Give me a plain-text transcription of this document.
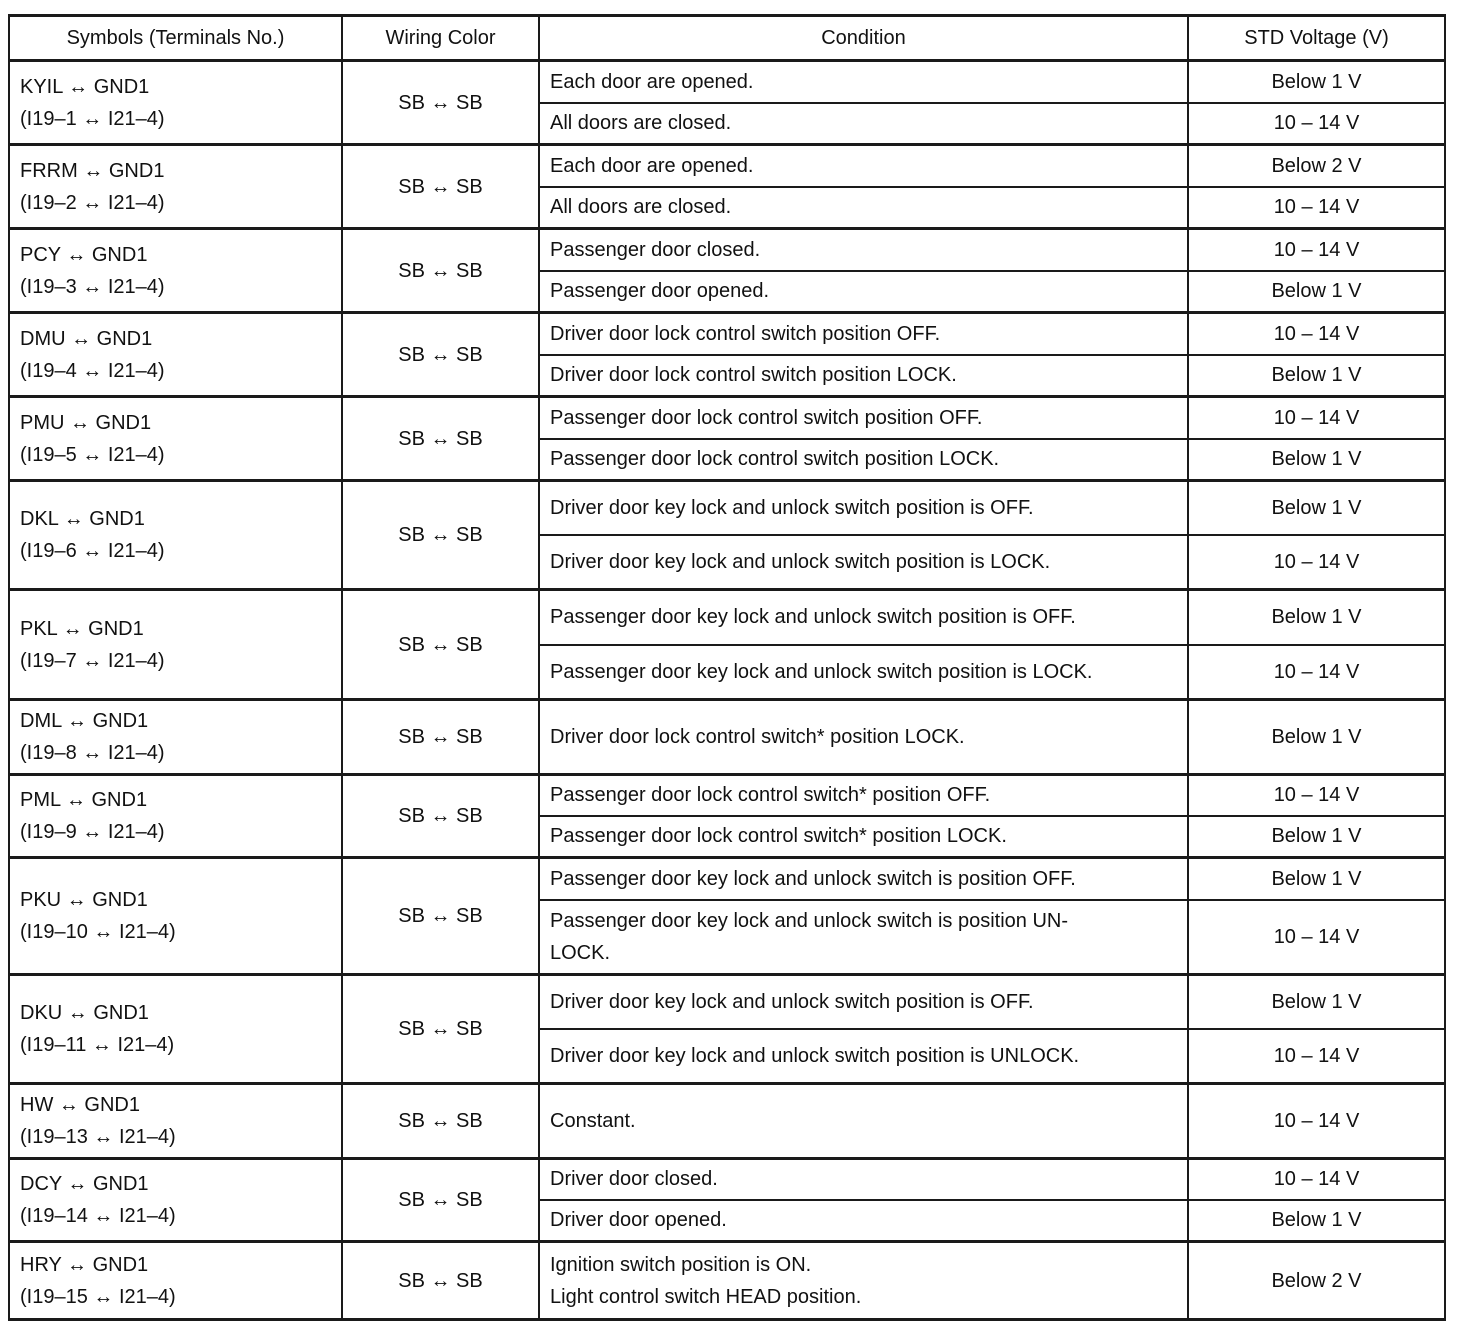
Symbols (Terminals No.)	Wiring Color	Condition	STD Voltage (V)

KYIL ↔ GND1
(I19–1 ↔ I21–4)	SB ↔ SB	Each door are opened.	Below 1 V

		All doors are closed.	10 – 14 V

FRRM ↔ GND1
(I19–2 ↔ I21–4)	SB ↔ SB	Each door are opened.	Below 2 V

		All doors are closed.	10 – 14 V

PCY ↔ GND1
(I19–3 ↔ I21–4)	SB ↔ SB	Passenger door closed.	10 – 14 V

		Passenger door opened.	Below 1 V

DMU ↔ GND1
(I19–4 ↔ I21–4)	SB ↔ SB	Driver door lock control switch position OFF.	10 – 14 V

		Driver door lock control switch position LOCK.	Below 1 V

PMU ↔ GND1
(I19–5 ↔ I21–4)	SB ↔ SB	Passenger door lock control switch position OFF.	10 – 14 V

		Passenger door lock control switch position LOCK.	Below 1 V

DKL ↔ GND1
(I19–6 ↔ I21–4)	SB ↔ SB	Driver door key lock and unlock switch position is OFF.	Below 1 V

		Driver door key lock and unlock switch position is LOCK.	10 – 14 V

PKL ↔ GND1
(I19–7 ↔ I21–4)	SB ↔ SB	Passenger door key lock and unlock switch position is OFF.	Below 1 V

		Passenger door key lock and unlock switch position is LOCK.	10 – 14 V

DML ↔ GND1
(I19–8 ↔ I21–4)	SB ↔ SB	Driver door lock control switch* position LOCK.	Below 1 V

PML ↔ GND1
(I19–9 ↔ I21–4)	SB ↔ SB	Passenger door lock control switch* position OFF.	10 – 14 V

		Passenger door lock control switch* position LOCK.	Below 1 V

PKU ↔ GND1
(I19–10 ↔ I21–4)	SB ↔ SB	Passenger door key lock and unlock switch is position OFF.	Below 1 V

		Passenger door key lock and unlock switch is position UN-
LOCK.	10 – 14 V

DKU ↔ GND1
(I19–11 ↔ I21–4)	SB ↔ SB	Driver door key lock and unlock switch position is OFF.	Below 1 V

		Driver door key lock and unlock switch position is UNLOCK.	10 – 14 V

HW ↔ GND1
(I19–13 ↔ I21–4)	SB ↔ SB	Constant.	10 – 14 V

DCY ↔ GND1
(I19–14 ↔ I21–4)	SB ↔ SB	Driver door closed.	10 – 14 V

		Driver door opened.	Below 1 V

HRY ↔ GND1
(I19–15 ↔ I21–4)	SB ↔ SB	Ignition switch position is ON.
Light control switch HEAD position.	Below 2 V
